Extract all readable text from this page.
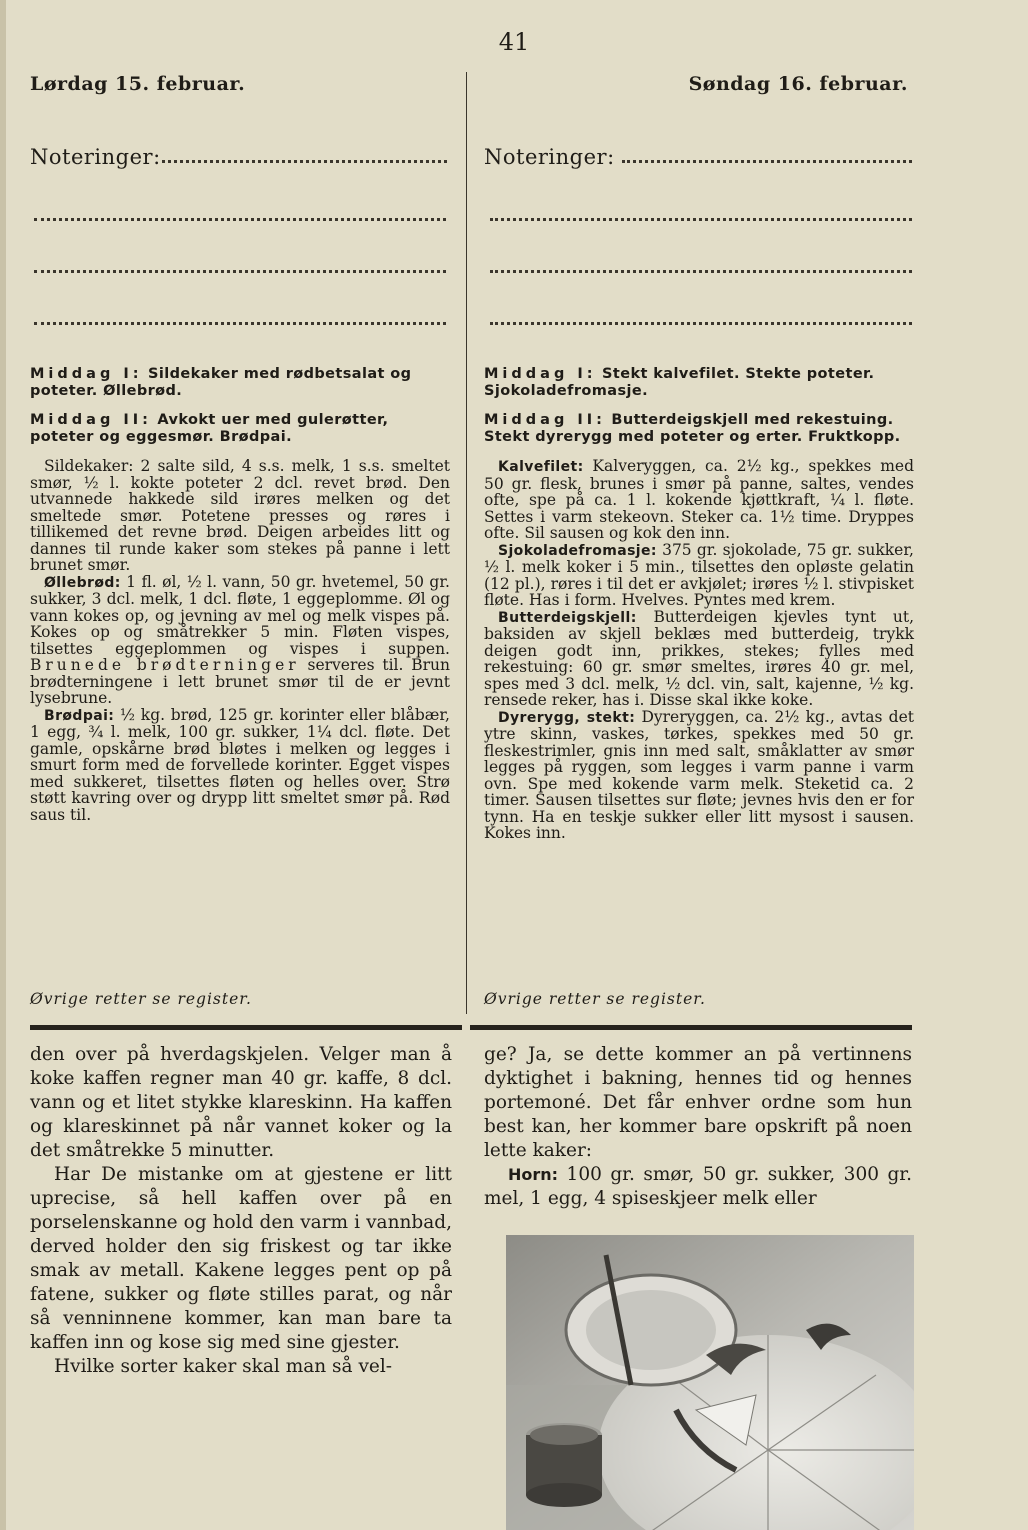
41
Lørdag 15. februar.	Søndag 16. februar.
Noteringer:	Noteringer:
Middag I: Sildekaker med rødbetsalat og poteter. Øllebrød.
Middag II: Avkokt uer med gulerøtter, poteter og eggesmør. Brødpai.

Sildekaker: 2 salte sild, 4 s.s. melk, 1 s.s. smeltet smør, ½ l. kokte poteter 2 dcl. revet brød. Den utvannede hakkede sild irøres melken og det smeltede smør. Potetene presses og røres i tillikemed det revne brød. Deigen arbeides litt og dannes til runde kaker som stekes på panne i lett brunet smør.

Øllebrød: 1 fl. øl, ½ l. vann, 50 gr. hvetemel, 50 gr. sukker, 3 dcl. melk, 1 dcl. fløte, 1 eggeplomme. Øl og vann kokes op, og jevning av mel og melk vispes på. Kokes op og småtrekker 5 min. Fløten vispes, tilsettes eggeplommen og vispes i suppen. Brunede brødterninger serveres til. Brun brødterningene i lett brunet smør til de er jevnt lysebrune.

Brødpai: ½ kg. brød, 125 gr. korinter eller blåbær, 1 egg, ¾ l. melk, 100 gr. sukker, 1¼ dcl. fløte. Det gamle, opskårne brød bløtes i melken og legges i smurt form med de forvellede korinter. Egget vispes med sukkeret, tilsettes fløten og helles over. Strø støtt kavring over og drypp litt smeltet smør på. Rød saus til.

Øvrige retter se register.
Middag I: Stekt kalvefilet. Stekte poteter. Sjokoladefromasje.
Middag II: Butterdeigskjell med rekestuing. Stekt dyrerygg med poteter og erter. Fruktkopp.

Kalvefilet: Kalveryggen, ca. 2½ kg., spekkes med 50 gr. flesk, brunes i smør på panne, saltes, vendes ofte, spe på ca. 1 l. kokende kjøttkraft, ¼ l. fløte. Settes i varm stekeovn. Steker ca. 1½ time. Dryppes ofte. Sil sausen og kok den inn.

Sjokoladefromasje: 375 gr. sjokolade, 75 gr. sukker, ½ l. melk koker i 5 min., tilsettes den opløste gelatin (12 pl.), røres i til det er avkjølet; irøres ½ l. stivpisket fløte. Has i form. Hvelves. Pyntes med krem.

Butterdeigskjell: Butterdeigen kjevles tynt ut, baksiden av skjell beklæs med butterdeig, trykk deigen godt inn, prikkes, stekes; fylles med rekestuing: 60 gr. smør smeltes, irøres 40 gr. mel, spes med 3 dcl. melk, ½ dcl. vin, salt, kajenne, ½ kg. rensede reker, has i. Disse skal ikke koke.

Dyrerygg, stekt: Dyreryggen, ca. 2½ kg., avtas det ytre skinn, vaskes, tørkes, spekkes med 50 gr. fleskestrimler, gnis inn med salt, småklatter av smør legges på ryggen, som legges i varm panne i varm ovn. Spe med kokende varm melk. Steketid ca. 2 timer. Sausen tilsettes sur fløte; jevnes hvis den er for tynn. Ha en teskje sukker eller litt mysost i sausen. Kokes inn.

Øvrige retter se register.

den over på hverdagskjelen. Velger man å koke kaffen regner man 40 gr. kaffe, 8 dcl. vann og et litet stykke klareskinn. Ha kaffen og klareskinnet på når vannet koker og la det småtrekke 5 minutter.

Har De mistanke om at gjestene er litt uprecise, så hell kaffen over på en porselenskanne og hold den varm i vannbad, derved holder den sig friskest og tar ikke smak av metall. Kakene legges pent op på fatene, sukker og fløte stilles parat, og når så venninnene kommer, kan man bare ta kaffen inn og kose sig med sine gjester.

Hvilke sorter kaker skal man så vel-

ge? Ja, se dette kommer an på vertinnens dyktighet i bakning, hennes tid og hennes portemoné. Det får enhver ordne som hun best kan, her kommer bare opskrift på noen lette kaker:

Horn: 100 gr. smør, 50 gr. sukker, 300 gr. mel, 1 egg, 4 spiseskjeer melk eller
